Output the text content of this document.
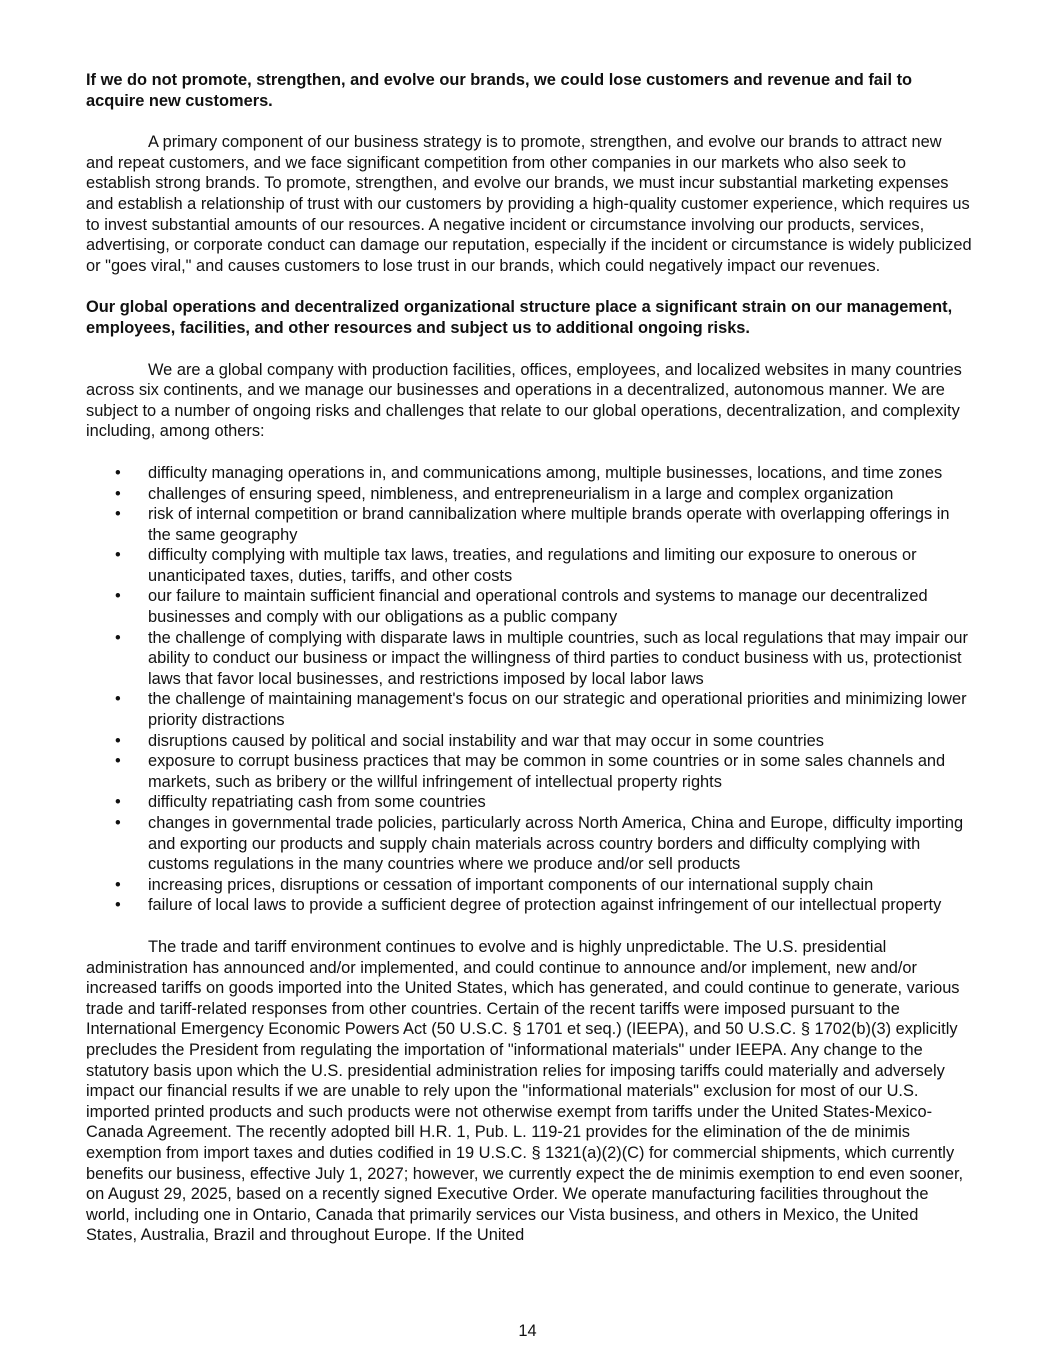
If we do not promote, strengthen, and evolve our brands, we could lose customers and revenue and fail to acquire new customers.

A primary component of our business strategy is to promote, strengthen, and evolve our brands to attract new and repeat customers, and we face significant competition from other companies in our markets who also seek to establish strong brands. To promote, strengthen, and evolve our brands, we must incur substantial marketing expenses and establish a relationship of trust with our customers by providing a high-quality customer experience, which requires us to invest substantial amounts of our resources. A negative incident or circumstance involving our products, services, advertising, or corporate conduct can damage our reputation, especially if the incident or circumstance is widely publicized or "goes viral," and causes customers to lose trust in our brands, which could negatively impact our revenues.

Our global operations and decentralized organizational structure place a significant strain on our management, employees, facilities, and other resources and subject us to additional ongoing risks.

We are a global company with production facilities, offices, employees, and localized websites in many countries across six continents, and we manage our businesses and operations in a decentralized, autonomous manner. We are subject to a number of ongoing risks and challenges that relate to our global operations, decentralization, and complexity including, among others:

• difficulty managing operations in, and communications among, multiple businesses, locations, and time zones
• challenges of ensuring speed, nimbleness, and entrepreneurialism in a large and complex organization
• risk of internal competition or brand cannibalization where multiple brands operate with overlapping offerings in the same geography
• difficulty complying with multiple tax laws, treaties, and regulations and limiting our exposure to onerous or unanticipated taxes, duties, tariffs, and other costs
• our failure to maintain sufficient financial and operational controls and systems to manage our decentralized businesses and comply with our obligations as a public company
• the challenge of complying with disparate laws in multiple countries, such as local regulations that may impair our ability to conduct our business or impact the willingness of third parties to conduct business with us, protectionist laws that favor local businesses, and restrictions imposed by local labor laws
• the challenge of maintaining management's focus on our strategic and operational priorities and minimizing lower priority distractions
• disruptions caused by political and social instability and war that may occur in some countries
• exposure to corrupt business practices that may be common in some countries or in some sales channels and markets, such as bribery or the willful infringement of intellectual property rights
• difficulty repatriating cash from some countries
• changes in governmental trade policies, particularly across North America, China and Europe, difficulty importing and exporting our products and supply chain materials across country borders and difficulty complying with customs regulations in the many countries where we produce and/or sell products
• increasing prices, disruptions or cessation of important components of our international supply chain
• failure of local laws to provide a sufficient degree of protection against infringement of our intellectual property

The trade and tariff environment continues to evolve and is highly unpredictable. The U.S. presidential administration has announced and/or implemented, and could continue to announce and/or implement, new and/or increased tariffs on goods imported into the United States, which has generated, and could continue to generate, various trade and tariff-related responses from other countries. Certain of the recent tariffs were imposed pursuant to the International Emergency Economic Powers Act (50 U.S.C. § 1701 et seq.) (IEEPA), and 50 U.S.C. § 1702(b)(3) explicitly precludes the President from regulating the importation of "informational materials" under IEEPA. Any change to the statutory basis upon which the U.S. presidential administration relies for imposing tariffs could materially and adversely impact our financial results if we are unable to rely upon the "informational materials" exclusion for most of our U.S. imported printed products and such products were not otherwise exempt from tariffs under the United States-Mexico-Canada Agreement. The recently adopted bill H.R. 1, Pub. L. 119-21 provides for the elimination of the de minimis exemption from import taxes and duties codified in 19 U.S.C. § 1321(a)(2)(C) for commercial shipments, which currently benefits our business, effective July 1, 2027; however, we currently expect the de minimis exemption to end even sooner, on August 29, 2025, based on a recently signed Executive Order. We operate manufacturing facilities throughout the world, including one in Ontario, Canada that primarily services our Vista business, and others in Mexico, the United States, Australia, Brazil and throughout Europe. If the United

14
